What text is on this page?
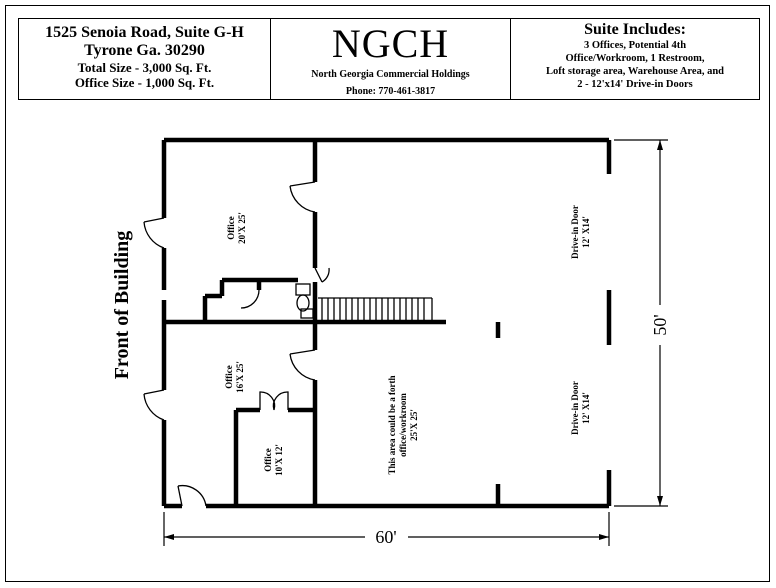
1525 Senoia Road, Suite G-H
Tyrone Ga. 30290
Total Size - 3,000 Sq. Ft.
Office Size - 1,000 Sq. Ft.
NGCH
North Georgia Commercial Holdings
Phone: 770-461-3817
Suite Includes:
3 Offices, Potential 4th
Office/Workroom, 1 Restroom,
Loft storage area, Warehouse Area, and
2 - 12'x14' Drive-in Doors
Office 20'X 25'
Office 16'X 25'
Office 10'X 12'	This area could be a forth office/workroom 25'X 25'
Drive-in Door 12' X14'
Drive-in Door 12' X14'
Front of Building
60'
50'
